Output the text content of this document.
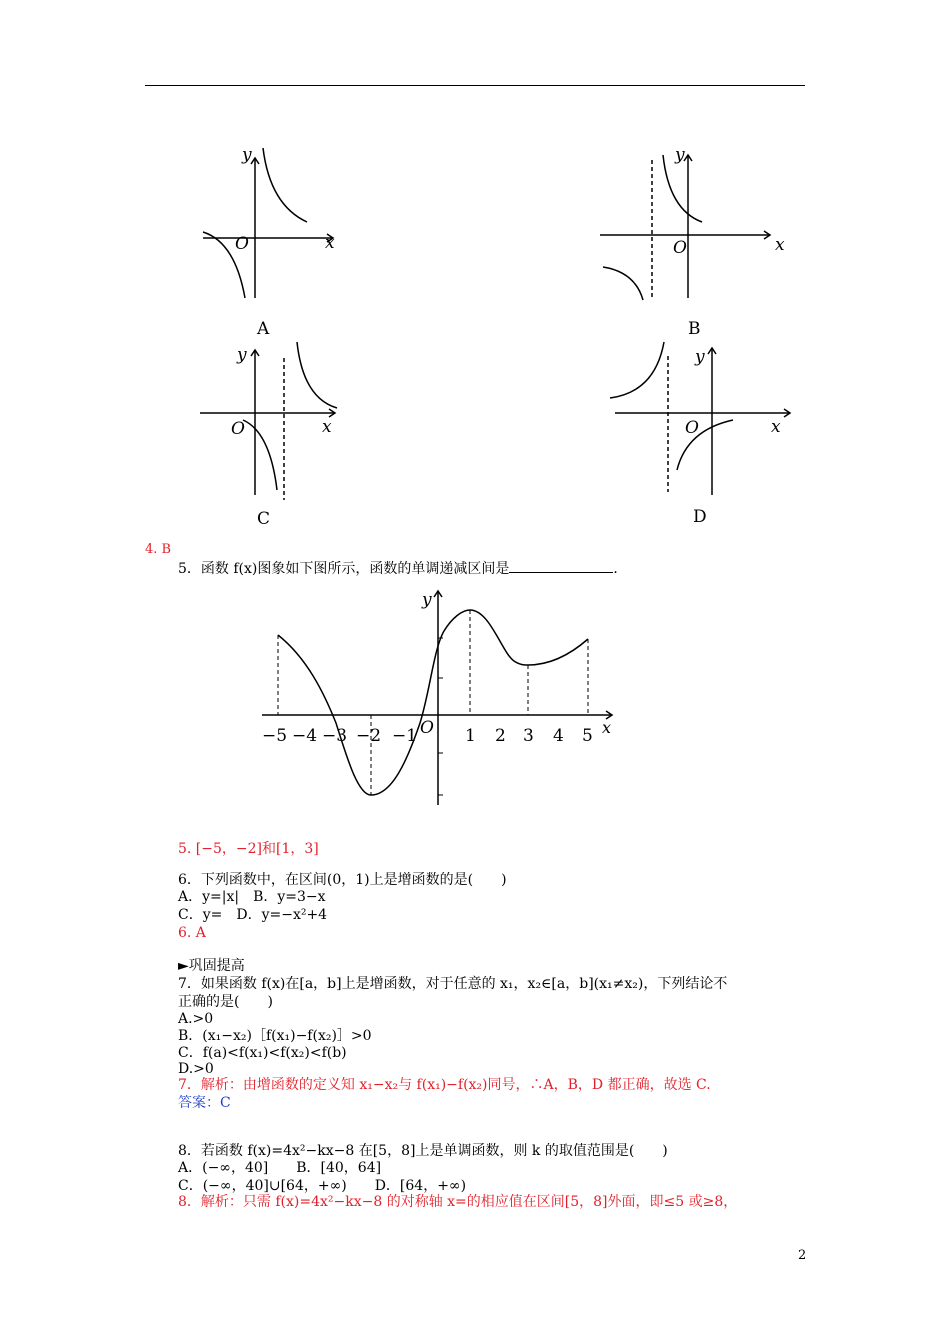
y
x
O
y
x
O
y
x
O
y
x
O
A	B
C	D
4. B
5．函数 f(x)图象如下图所示，函数的单调递减区间是	．
y
x
O
−5 −4 −3 −2 −1	1 2 3 4 5
5. [−5，−2]和[1，3]
6．下列函数中，在区间(0，1)上是增函数的是(　　)
A．y=|x|　B．y=3−x
C．y=　D．y=−x²+4
6. A
►巩固提高
7．如果函数 f(x)在[a，b]上是增函数，对于任意的 x₁，x₂∈[a，b](x₁≠x₂)，下列结论不
正确的是(　　)
A.>0
B．(x₁−x₂)［f(x₁)−f(x₂)］>0
C．f(a)<f(x₁)<f(x₂)<f(b)
D.>0
7．解析：由增函数的定义知 x₁−x₂与 f(x₁)−f(x₂)同号，∴A，B，D 都正确，故选 C.
答案：C
8．若函数 f(x)=4x²−kx−8 在[5，8]上是单调函数，则 k 的取值范围是(　　)
A．(−∞，40]　　B．[40，64]
C．(−∞，40]∪[64，+∞)　　D．[64，+∞)
8．解析：只需 f(x)=4x²−kx−8 的对称轴 x=的相应值在区间[5，8]外面，即≤5 或≥8，
2
